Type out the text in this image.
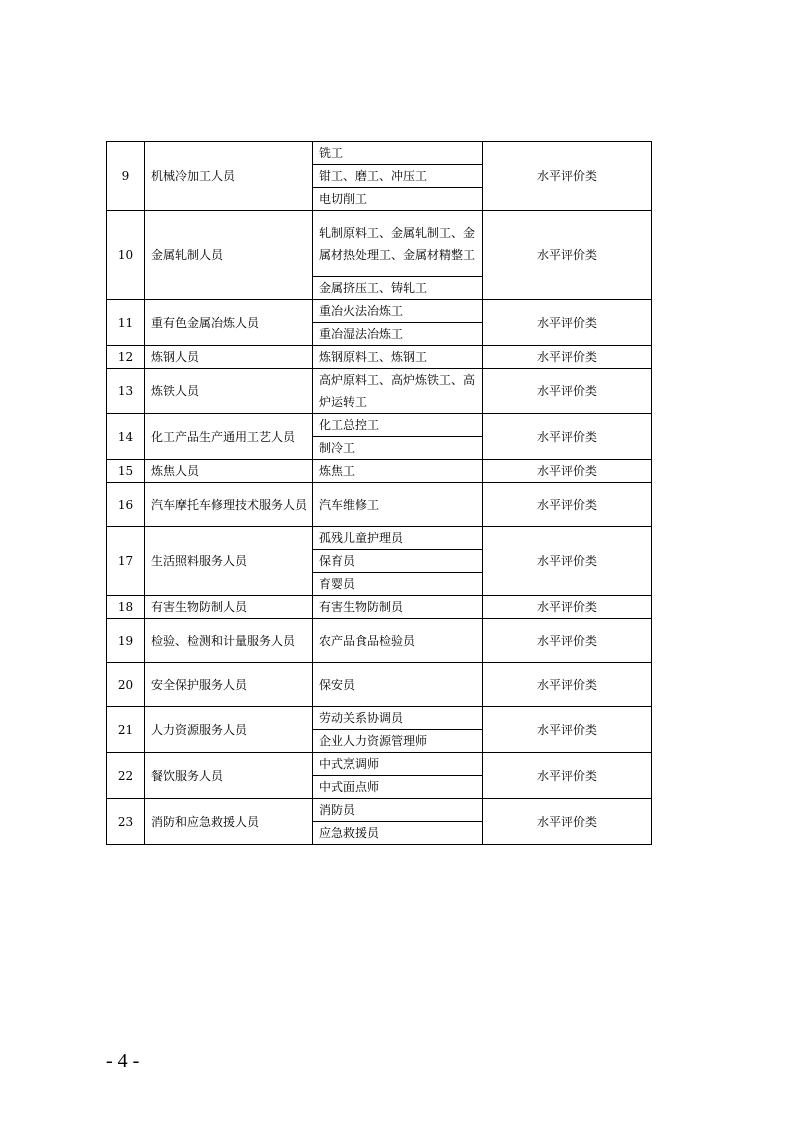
9	机械冷加工人员	铣工	水平评价类
		钳工、磨工、冲压工	
		电切削工	
10	金属轧制人员	轧制原料工、金属轧制工、金属材热处理工、金属材精整工	水平评价类
		金属挤压工、铸轧工	
11	重有色金属冶炼人员	重冶火法冶炼工	水平评价类
		重冶湿法冶炼工	
12	炼钢人员	炼钢原料工、炼钢工	水平评价类
13	炼铁人员	高炉原料工、高炉炼铁工、高炉运转工	水平评价类
14	化工产品生产通用工艺人员	化工总控工	水平评价类
		制冷工	
15	炼焦人员	炼焦工	水平评价类
16	汽车摩托车修理技术服务人员	汽车维修工	水平评价类
17	生活照料服务人员	孤残儿童护理员	水平评价类
		保育员	
		育婴员	
18	有害生物防制人员	有害生物防制员	水平评价类
19	检验、检测和计量服务人员	农产品食品检验员	水平评价类
20	安全保护服务人员	保安员	水平评价类
21	人力资源服务人员	劳动关系协调员	水平评价类
		企业人力资源管理师	
22	餐饮服务人员	中式烹调师	水平评价类
		中式面点师	
23	消防和应急救援人员	消防员	水平评价类
		应急救援员	
- 4 -
